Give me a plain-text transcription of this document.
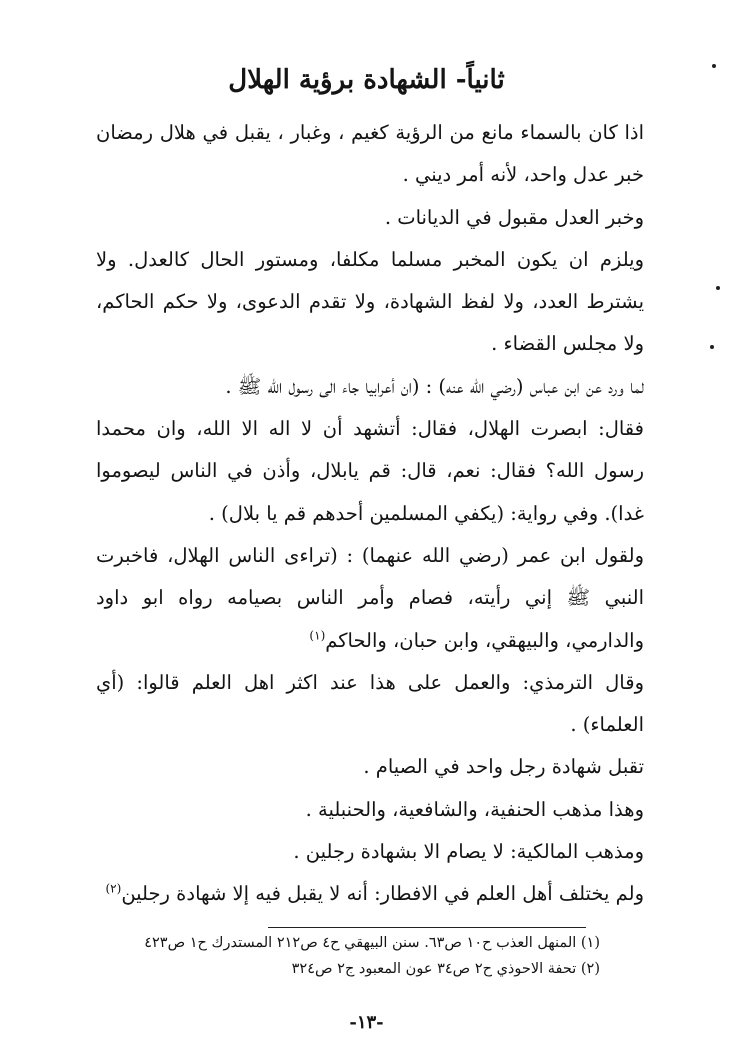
ثانياً- الشهادة برؤية الهلال

اذا كان بالسماء مانع من الرؤية كغيم ، وغبار ، يقبل في هلال رمضان خبر عدل واحد، لأنه أمر ديني .

وخبر العدل مقبول في الديانات .

ويلزم ان يكون المخبر مسلما مكلفا، ومستور الحال كالعدل. ولا يشترط العدد، ولا لفظ الشهادة، ولا تقدم الدعوى، ولا حكم الحاكم، ولا مجلس القضاء .

لما ورد عن ابن عباس (رضي الله عنه) : (ان أعرابيا جاء الى رسول الله ﷺ .

فقال: ابصرت الهلال، فقال: أتشهد أن لا اله الا الله، وان محمدا رسول الله؟ فقال: نعم، قال: قم يابلال، وأذن في الناس ليصوموا غدا). وفي رواية: (يكفي المسلمين أحدهم قم يا بلال) .

ولقول ابن عمر (رضي الله عنهما) : (تراءى الناس الهلال، فاخبرت النبي ﷺ إني رأيته، فصام وأمر الناس بصيامه رواه ابو داود والدارمي، والبيهقي، وابن حبان، والحاكم$^{(١)}$

وقال الترمذي: والعمل على هذا عند اكثر اهل العلم قالوا: (أي العلماء) .

تقبل شهادة رجل واحد في الصيام .

وهذا مذهب الحنفية، والشافعية، والحنبلية .

ومذهب المالكية: لا يصام الا بشهادة رجلين .

ولم يختلف أهل العلم في الافطار: أنه لا يقبل فيه إلا شهادة رجلين$^{(٢)}$

(١) المنهل العذب ح١٠ ص٦٣. سنن البيهقي ح٤ ص٢١٢ المستدرك ح١ ص٤٢٣

(٢) تحفة الاحوذي ح٢ ص٣٤ عون المعبود ج٢ ص٣٢٤

-١٣-
